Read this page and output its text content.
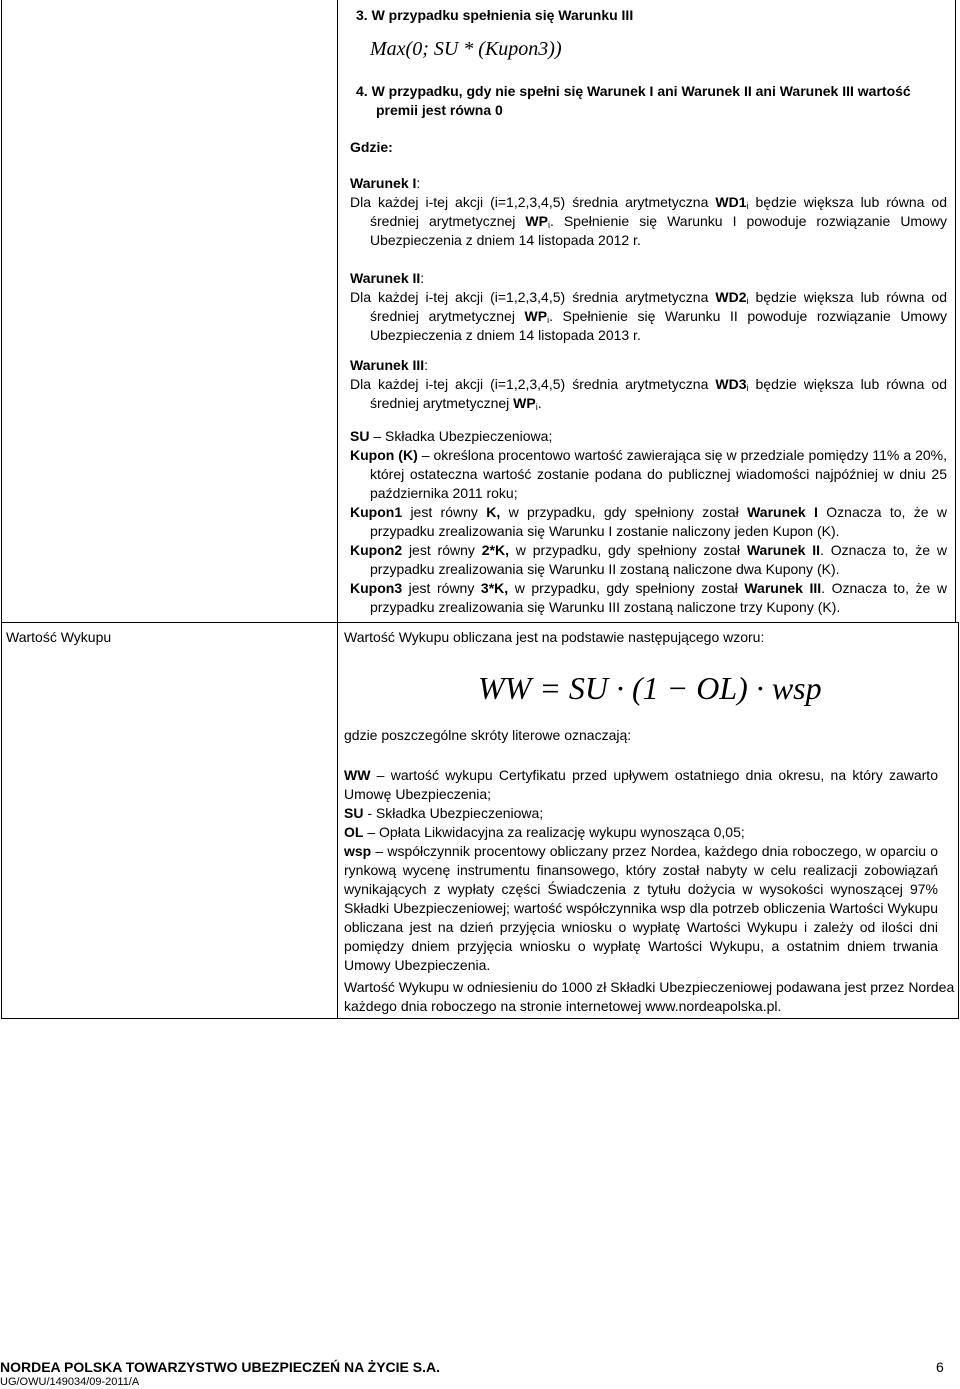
3. W przypadku spełnienia się Warunku III

Max(0; SU * (Kupon3))

4. W przypadku, gdy nie spełni się Warunek I ani Warunek II ani Warunek III wartość premii jest równa 0

Gdzie:

Warunek I:

Dla każdej i-tej akcji (i=1,2,3,4,5) średnia arytmetyczna $WD1_i$ będzie większa lub równa od średniej arytmetycznej $WP_i$. Spełnienie się Warunku I powoduje rozwiązanie Umowy Ubezpieczenia z dniem 14 listopada 2012 r.

Warunek II:

Dla każdej i-tej akcji (i=1,2,3,4,5) średnia arytmetyczna $WD2_i$ będzie większa lub równa od średniej arytmetycznej $WP_i$. Spełnienie się Warunku II powoduje rozwiązanie Umowy Ubezpieczenia z dniem 14 listopada 2013 r.

Warunek III:

Dla każdej i-tej akcji (i=1,2,3,4,5) średnia arytmetyczna $WD3_i$ będzie większa lub równa od średniej arytmetycznej $WP_i$.

SU – Składka Ubezpieczeniowa;

Kupon (K) – określona procentowo wartość zawierająca się w przedziale pomiędzy 11% a 20%, której ostateczna wartość zostanie podana do publicznej wiadomości najpóźniej w dniu 25 października 2011 roku;

Kupon1 jest równy K, w przypadku, gdy spełniony został Warunek I Oznacza to, że w przypadku zrealizowania się Warunku I zostanie naliczony jeden Kupon (K).

Kupon2 jest równy 2*K, w przypadku, gdy spełniony został Warunek II. Oznacza to, że w przypadku zrealizowania się Warunku II zostaną naliczone dwa Kupony (K).

Kupon3 jest równy 3*K, w przypadku, gdy spełniony został Warunek III. Oznacza to, że w przypadku zrealizowania się Warunku III zostaną naliczone trzy Kupony (K).

Wartość Wykupu	Wartość Wykupu obliczana jest na podstawie następującego wzoru:
WW = SU · (1 − OL) · wsp
gdzie poszczególne skróty literowe oznaczają:

WW – wartość wykupu Certyfikatu przed upływem ostatniego dnia okresu, na który zawarto Umowę Ubezpieczenia;

SU - Składka Ubezpieczeniowa;

OL – Opłata Likwidacyjna za realizację wykupu wynosząca 0,05;

wsp – współczynnik procentowy obliczany przez Nordea, każdego dnia roboczego, w oparciu o rynkową wycenę instrumentu finansowego, który został nabyty w celu realizacji zobowiązań wynikających z wypłaty części Świadczenia z tytułu dożycia w wysokości wynoszącej 97% Składki Ubezpieczeniowej; wartość współczynnika wsp dla potrzeb obliczenia Wartości Wykupu obliczana jest na dzień przyjęcia wniosku o wypłatę Wartości Wykupu i zależy od ilości dni pomiędzy dniem przyjęcia wniosku o wypłatę Wartości Wykupu, a ostatnim dniem trwania Umowy Ubezpieczenia.

Wartość Wykupu w odniesieniu do 1000 zł Składki Ubezpieczeniowej podawana jest przez Nordea każdego dnia roboczego na stronie internetowej www.nordeapolska.pl.
NORDEA POLSKA TOWARZYSTWO UBEZPIECZEŃ NA ŻYCIE S.A.
UG/OWU/149034/09-2011/A
6
